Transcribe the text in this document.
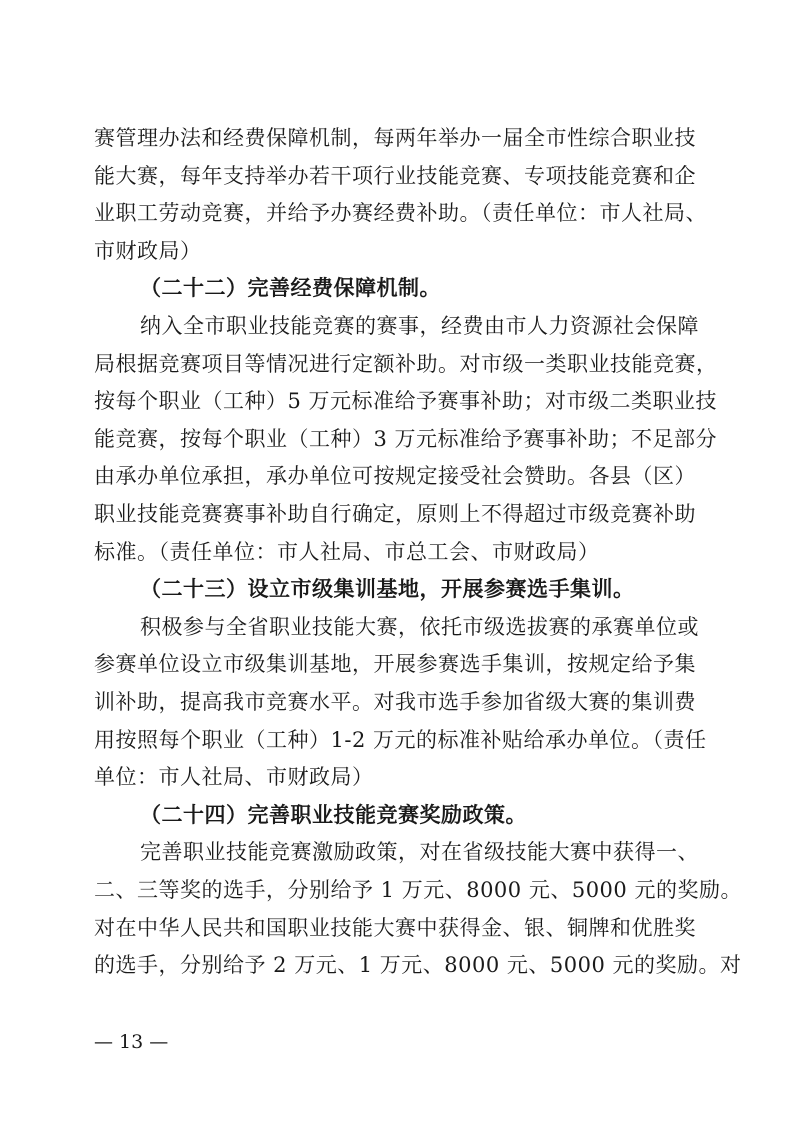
赛管理办法和经费保障机制，每两年举办一届全市性综合职业技
能大赛，每年支持举办若干项行业技能竞赛、专项技能竞赛和企
业职工劳动竞赛，并给予办赛经费补助。（责任单位：市人社局、
市财政局）
（二十二）完善经费保障机制。
纳入全市职业技能竞赛的赛事，经费由市人力资源社会保障
局根据竞赛项目等情况进行定额补助。对市级一类职业技能竞赛，
按每个职业（工种）5 万元标准给予赛事补助；对市级二类职业技
能竞赛，按每个职业（工种）3 万元标准给予赛事补助；不足部分
由承办单位承担，承办单位可按规定接受社会赞助。各县（区）
职业技能竞赛赛事补助自行确定，原则上不得超过市级竞赛补助
标准。（责任单位：市人社局、市总工会、市财政局）
（二十三）设立市级集训基地，开展参赛选手集训。
积极参与全省职业技能大赛，依托市级选拔赛的承赛单位或
参赛单位设立市级集训基地，开展参赛选手集训，按规定给予集
训补助，提高我市竞赛水平。对我市选手参加省级大赛的集训费
用按照每个职业（工种）1-2 万元的标准补贴给承办单位。（责任
单位：市人社局、市财政局）
（二十四）完善职业技能竞赛奖励政策。
完善职业技能竞赛激励政策，对在省级技能大赛中获得一、
二、三等奖的选手，分别给予 1 万元、8000 元、5000 元的奖励。
对在中华人民共和国职业技能大赛中获得金、银、铜牌和优胜奖
的选手，分别给予 2 万元、1 万元、8000 元、5000 元的奖励。对
— 13 —
